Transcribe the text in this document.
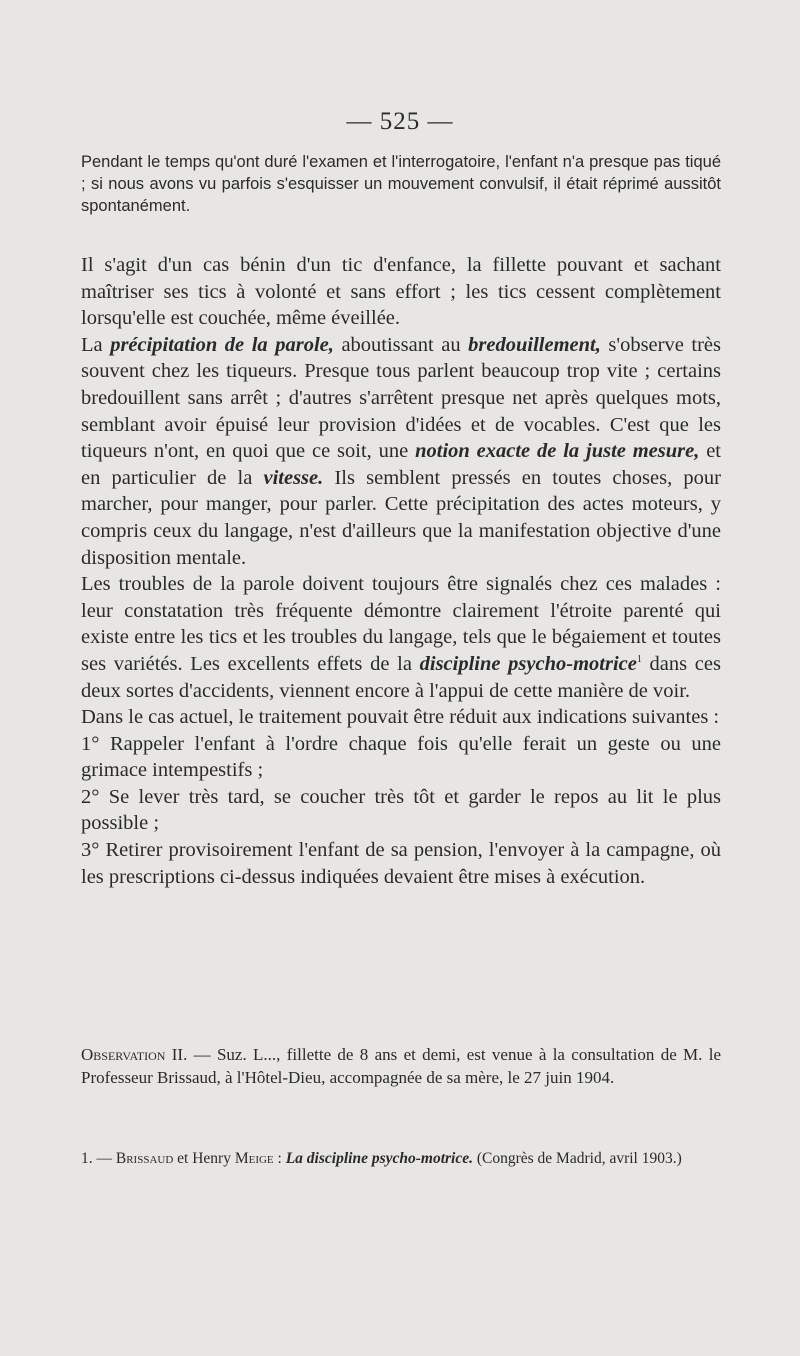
— 525 —
Pendant le temps qu'ont duré l'examen et l'interrogatoire, l'enfant n'a presque pas tiqué ; si nous avons vu parfois s'esquisser un mouvement convulsif, il était réprimé aussitôt spontanément.

Il s'agit d'un cas bénin d'un tic d'enfance, la fillette pouvant et sachant maîtriser ses tics à volonté et sans effort ; les tics cessent complètement lorsqu'elle est couchée, même éveillée.

La précipitation de la parole, aboutissant au bredouillement, s'observe très souvent chez les tiqueurs. Presque tous parlent beaucoup trop vite ; certains bredouillent sans arrêt ; d'autres s'arrêtent presque net après quelques mots, semblant avoir épuisé leur provision d'idées et de vocables. C'est que les tiqueurs n'ont, en quoi que ce soit, une notion exacte de la juste mesure, et en particulier de la vitesse. Ils semblent pressés en toutes choses, pour marcher, pour manger, pour parler. Cette précipitation des actes moteurs, y compris ceux du langage, n'est d'ailleurs que la manifestation objective d'une disposition mentale.

Les troubles de la parole doivent toujours être signalés chez ces malades : leur constatation très fréquente démontre clairement l'étroite parenté qui existe entre les tics et les troubles du langage, tels que le bégaiement et toutes ses variétés. Les excellents effets de la discipline psycho-motrice$^1$ dans ces deux sortes d'accidents, viennent encore à l'appui de cette manière de voir.

Dans le cas actuel, le traitement pouvait être réduit aux indications suivantes :

1° Rappeler l'enfant à l'ordre chaque fois qu'elle ferait un geste ou une grimace intempestifs ;

2° Se lever très tard, se coucher très tôt et garder le repos au lit le plus possible ;

3° Retirer provisoirement l'enfant de sa pension, l'envoyer à la campagne, où les prescriptions ci-dessus indiquées devaient être mises à exécution.

Observation II. — Suz. L..., fillette de 8 ans et demi, est venue à la consultation de M. le Professeur Brissaud, à l'Hôtel-Dieu, accompagnée de sa mère, le 27 juin 1904.
1. — Brissaud et Henry Meige : La discipline psycho-motrice. (Congrès de Madrid, avril 1903.)
